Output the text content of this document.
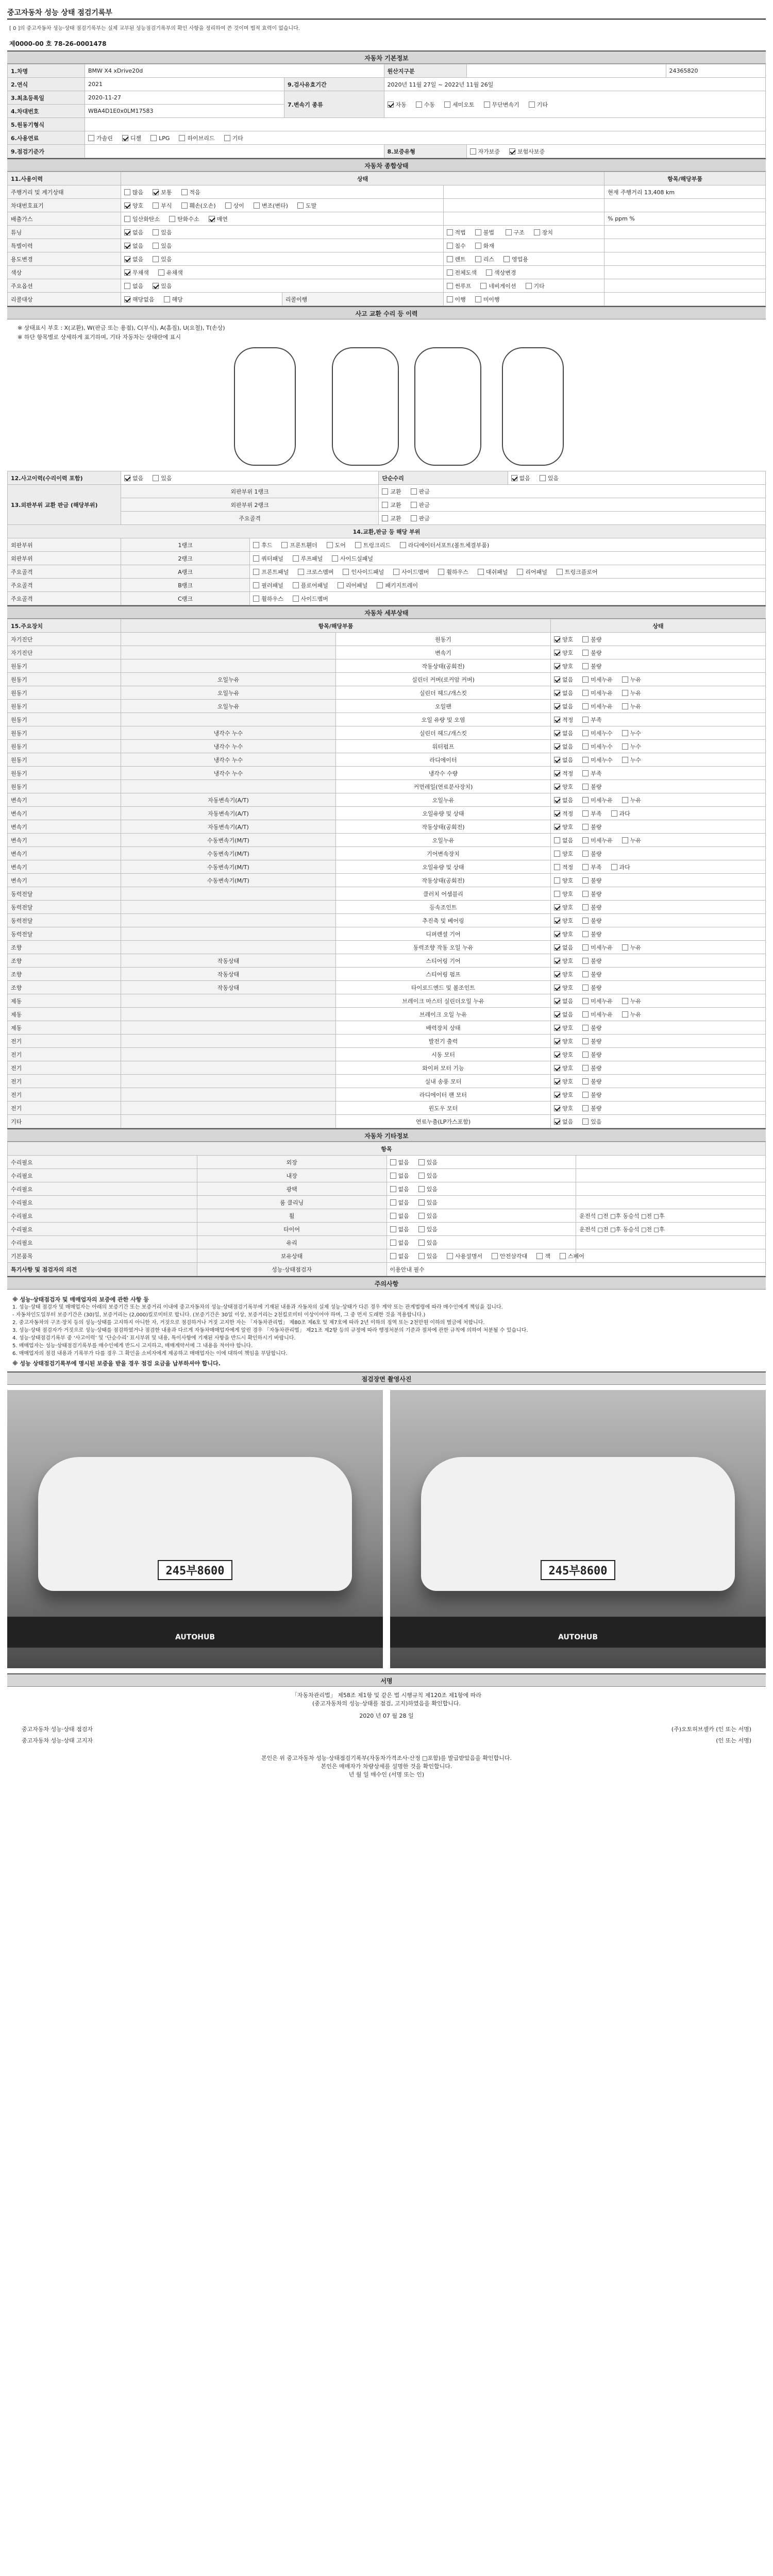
중고자동차 성능 상태 점검기록부
[ 0 ]의 중고자동차 성능·상태 점검기록부는 실제 교부된 성능점검기록부의 확인 사항을 정리하여 쓴 것이며 법적 효력이 없습니다.
제0000-00 호 78-26-0001478
자동차 기본정보
1.차명	BMW X4 xDrive20d		원산지구분		24365820
2.연식	2021	9.검사유효기간	2020년 11월 27일 ~ 2022년 11월 26일		
3.최초등록일	2020-11-27	7.변속기 종류	자동 수동 세미오토 무단변속기 기타		
4.차대번호	WBA4D1E0x0LM17583				
5.원동기형식					
6.사용연료	가솔린 디젤 LPG 하이브리드 기타				
9.점검기준가			8.보증유형	자가보증 보험사보증	
자동차 종합상태
11.사용이력	상태			항목/해당부품
주행거리 및 계기상태	많음 보통 적음			현재 주행거리 13,408 km
차대번호표기	양호 부식 훼손(오손) 상이 변조(변타) 도말			
배출가스	일산화탄소 탄화수소 매연			% ppm %
튜닝	없음 있음		적법 불법 구조 장치	
특별이력	없음 있음		침수 화재	
용도변경	없음 있음		렌트 리스 영업용	
색상	무채색 유채색		전체도색 색상변경	
주요옵션	없음 있음		썬루프 네비게이션 기타	
리콜대상	해당없음 해당	리콜이행	이행 미이행	
사고 교환 수리 등 이력
※ 상태표시 부호 : X(교환), W(판금 또는 용접), C(부식), A(흠집), U(요철), T(손상)
※ 하단 항목별로 상세하게 표기하며, 기타 자동차는 상태란에 표시
12.사고이력(수리이력 포함)	없음 있음		단순수리	없음 있음
13.외판부위 교환 판금 (해당부위)	외판부위 1랭크		교환 판금	
	외판부위 2랭크		교환 판금	
	주요골격		교환 판금	
14.교환,판금 등 해당 부위				
외판부위	1랭크	후드 프론트휀더 도어 트렁크리드 라디에이터서포트(볼트체결부품)		
외판부위	2랭크	쿼터패널 루프패널 사이드실패널		
주요골격	A랭크	프론트패널 크로스멤버 인사이드패널 사이드멤버 휠하우스 대쉬패널 리어패널 트렁크플로어		
주요골격	B랭크	필러패널 플로어패널 리어패널 패키지트레이		
주요골격	C랭크	휠하우스 사이드멤버		
자동차 세부상태
15.주요장치	항목/해당부품		상태
자기진단		원동기	양호 불량
자기진단		변속기	양호 불량
원동기		작동상태(공회전)	양호 불량
원동기	오일누유	실린더 커버(로커암 커버)	없음 미세누유 누유
원동기	오일누유	실린더 헤드/개스킷	없음 미세누유 누유
원동기	오일누유	오일팬	없음 미세누유 누유
원동기		오일 유량 및 오염	적정 부족
원동기	냉각수 누수	실린더 헤드/개스킷	없음 미세누수 누수
원동기	냉각수 누수	워터펌프	없음 미세누수 누수
원동기	냉각수 누수	라디에이터	없음 미세누수 누수
원동기	냉각수 누수	냉각수 수량	적정 부족
원동기		커먼레일(연료분사장치)	양호 불량
변속기	자동변속기(A/T)	오일누유	없음 미세누유 누유
변속기	자동변속기(A/T)	오일유량 및 상태	적정 부족 과다
변속기	자동변속기(A/T)	작동상태(공회전)	양호 불량
변속기	수동변속기(M/T)	오일누유	없음 미세누유 누유
변속기	수동변속기(M/T)	기어변속장치	양호 불량
변속기	수동변속기(M/T)	오일유량 및 상태	적정 부족 과다
변속기	수동변속기(M/T)	작동상태(공회전)	양호 불량
동력전달		클러치 어셈블리	양호 불량
동력전달		등속조인트	양호 불량
동력전달		추진축 및 베어링	양호 불량
동력전달		디퍼렌셜 기어	양호 불량
조향		동력조향 작동 오일 누유	없음 미세누유 누유
조향	작동상태	스티어링 기어	양호 불량
조향	작동상태	스티어링 펌프	양호 불량
조향	작동상태	타이로드엔드 및 볼조인트	양호 불량
제동		브레이크 마스터 실린더오일 누유	없음 미세누유 누유
제동		브레이크 오일 누유	없음 미세누유 누유
제동		배력장치 상태	양호 불량
전기		발전기 출력	양호 불량
전기		시동 모터	양호 불량
전기		와이퍼 모터 기능	양호 불량
전기		실내 송풍 모터	양호 불량
전기		라디에이터 팬 모터	양호 불량
전기		윈도우 모터	양호 불량
기타		연료누출(LP가스포함)	없음 있음
자동차 기타정보
항목			
수리필요	외장	없음 있음	
수리필요	내장	없음 있음	
수리필요	광택	없음 있음	
수리필요	룸 클리닝	없음 있음	
수리필요	휠	없음 있음	운전석 □전 □후 동승석 □전 □후
수리필요	타이어	없음 있음	운전석 □전 □후 동승석 □전 □후
수리필요	유리	없음 있음	
기본품목	보유상태	없음 있음 사용설명서 안전삼각대 잭 스페어	
특기사항 및 점검자의 의견	성능·상태점검자	이용안내 필수	
주의사항
※ 성능·상태점검자 및 매매업자의 보증에 관한 사항 등

1. 성능·상태 점검자 및 매매업자는 아래의 보증기간 또는 보증거리 이내에 중고자동차의 성능·상태점검기록부에 기재된 내용과 자동차의 실제 성능·상태가 다른 경우 계약 또는 관계법령에 따라 매수인에게 책임을 집니다.

- 자동차인도일부터 보증기간은 (30)일, 보증거리는 (2,000)킬로미터로 합니다. (보증기간은 30일 이상, 보증거리는 2천킬로미터 이상이어야 하며, 그 중 먼저 도래한 것을 적용합니다.)

2. 중고자동차의 구조·장치 등의 성능·상태를 고지하지 아니한 자, 거짓으로 점검하거나 거짓 고지한 자는 「자동차관리법」 제80조 제6호 및 제7호에 따라 2년 이하의 징역 또는 2천만원 이하의 벌금에 처합니다.

3. 성능·상태 점검자가 거짓으로 성능·상태를 점검하였거나 점검한 내용과 다르게 자동차매매업자에게 알린 경우 「자동차관리법」 제21조 제2항 등의 규정에 따라 행정처분의 기준과 절차에 관한 규칙에 의하여 처분될 수 있습니다.

4. 성능·상태점검기록부 중 ‘사고이력’ 및 ‘단순수리’ 표시부위 및 내용, 특이사항에 기재된 사항을 반드시 확인하시기 바랍니다.

5. 매매업자는 성능·상태점검기록부를 매수인에게 반드시 고지하고, 매매계약서에 그 내용을 적어야 합니다.

6. 매매업자의 점검 내용과 기록부가 다를 경우 그 확인을 소비자에게 제공하고 매매업자는 이에 대하여 책임을 부담합니다.

※ 성능 상태점검기록부에 명시된 보증을 받을 경우 점검 요금을 납부하셔야 합니다.
점검장면 촬영사진
245부8600
AUTOHUB
245부8600
AUTOHUB
서명
「자동차관리법」 제58조 제1항 및 같은 법 시행규칙 제120조 제1항에 따라
(중고자동차의 성능·상태를 점검, 고지)하였음을 확인합니다.
2020 년 07 월 28 일
중고자동차 성능·상태 점검자	(주)오토허브셀카 (인 또는 서명)
중고자동차 성능·상태 고지자	(인 또는 서명)
본인은 위 중고자동차 성능·상태점검기록부(자동차가격조사·산정 □포함)를 발급받았음을 확인합니다.
본인은 매매자가 차량상세를 설명한 것을 확인합니다.
년 월 일 매수인 (서명 또는 인)
